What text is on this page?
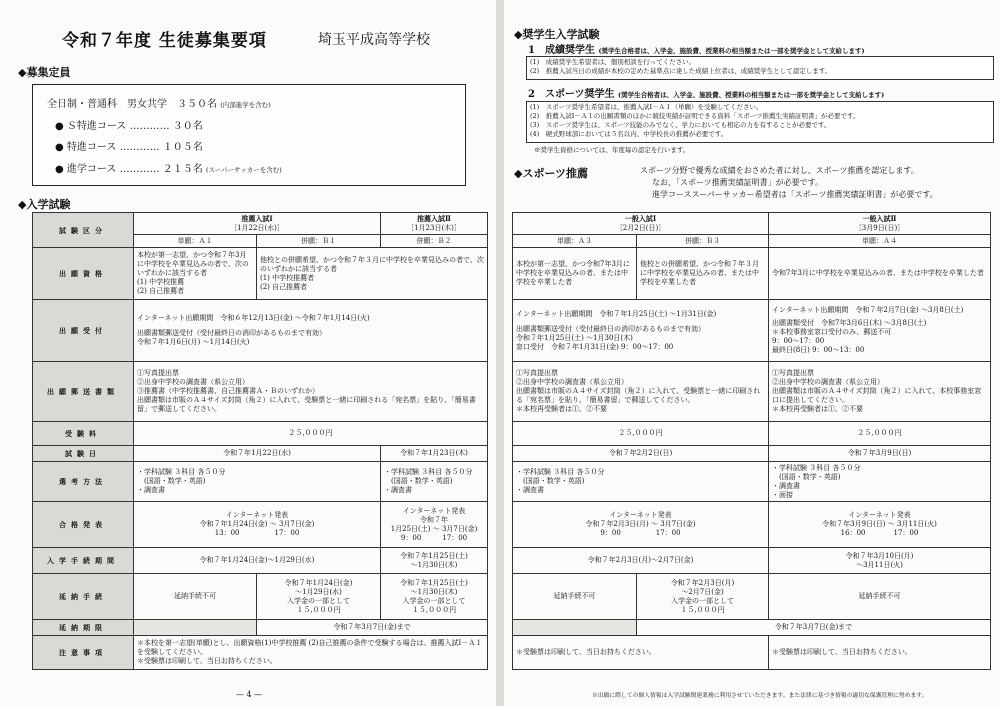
令和７年度 生徒募集要項	埼玉平成高等学校
◆募集定員
全日制・普通科　男女共学　３５０名 (内部進学を含む)
● Ｓ特進コース ………… ３０名
● 特進コース ………… １０５名
● 進学コース ………… ２１５名 (スーパーサッカーを含む)
◆入学試験
試験区分	推薦入試Ⅰ
［1月22日(水)］		推薦入試Ⅱ
［1月23日(木)］
	単願：Ａ１	併願：Ｂ１	併願：Ｂ２
出願資格	本校が第一志望、かつ令和７年3月に中学校を卒業見込みの者で、次のいずれかに該当する者
(1) 中学校推薦
(2) 自己推薦者	他校との併願希望、かつ令和７年３月に中学校を卒業見込みの者で、次のいずれかに該当する者
(1) 中学校推薦者
(2) 自己推薦者	

出願受付	インターネット出願期間　令和６年12月13日(金) ～令和７年1月14日(火)
出願書類郵送受付（受付最終日の消印があるものまで有効）
令和７年1月6日(月) ～1月14日(火)		

出願郵送書類	①写真提出票
②出身中学校の調査書（県公立用）
③推薦書（中学校推薦書、自己推薦書Ａ・Ｂのいずれか）
出願書類は市販のＡ４サイズ封筒（角２）に入れて、受験票と一緒に印刷される「宛名票」を貼り、「簡易書留」で郵送してください。		

受験料	２５,０００円		
試験日	令和７年1月22日(水)		令和７年1月23日(木)
選考方法	・学科試験 ３科目 各５０分
　(国語・数学・英語)
・調査書		・学科試験 ３科目 各５０分
　(国語・数学・英語)
・調査書

合格発表	インターネット発表
令和７年1月24日(金) ～ 3月7日(金)
13：00　　　　　17：00		インターネット発表
令和７年
1月25日(土) ～ 3月7日(金)
9：00　　　17：00

入学手続期間	令和７年1月24日(金)～1月29日(水)		令和７年1月25日(土)
～1月30日(木)

延納手続	延納手続不可	令和７年1月24日(金)
～1月29日(水)
入学金の一部として
１５,０００円	令和７年1月25日(土)
～1月30日(木)
入学金の一部として
１５,０００円

延納期限		令和７年3月7日(金)まで	
注意事項	＊本校を第一志望(単願)とし、出願資格(1)中学校推薦 (2)自己推薦の条件で受験する場合は、推薦入試Ⅰ－Ａ１を受験してください。
＊受験票は印刷して、当日お持ちください。		
— 4 —
◆奨学生入学試験
1　成績奨学生 (奨学生合格者は、入学金、施設費、授業料の相当額または一部を奨学金として支給します)
(1)　成績奨学生希望者は、個別相談を行ってください。
(2)　推薦入試当日の成績が本校の定めた基準点に達した成績上位者は、成績奨学生として認定します。
2　スポーツ奨学生 (奨学生合格者は、入学金、施設費、授業料の相当額または一部を奨学金として支給します)
(1)　スポーツ奨学生希望者は、推薦入試Ⅰ－Ａ１（単願）を受験してください。
(2)　推薦入試Ⅰ－Ａ１の出願書類のほかに競技実績が証明できる資料「スポーツ推薦生実績証明書」が必要です。
(3)　スポーツ奨学生は、スポーツ技能のみでなく、学力においても相応の力を有することが必要です。
(4)　硬式野球部においては５名以内、中学校長の推薦が必要です。
※奨学生資格については、年度毎の認定を行います。
◆スポーツ推薦	スポーツ分野で優秀な成績をおさめた者に対し、スポーツ推薦を認定します。
なお、「スポーツ推薦実績証明書」が必要です。
進学コーススーパーサッカー希望者は「スポーツ推薦実績証明書」が必要です。
一般入試Ⅰ
［2月2日(日)］		一般入試Ⅱ
［3月9日(日)］
単願：Ａ３	併願：Ｂ３	単願：Ａ４

本校が第一志望、かつ令和7年3月に中学校を卒業見込みの者、または中学校を卒業した者	他校との併願希望、かつ令和７年３月に中学校を卒業見込みの者、または中学校を卒業した者	令和7年3月に中学校を卒業見込みの者、または中学校を卒業した者

インターネット出願期間　令和７年1月25日(土) ～1月31日(金)
出願書類郵送受付（受付最終日の消印があるものまで有効）
令和７年1月25日(土) ～1月30日(木)
窓口受付　令和７年1月31日(金) 9：00～17：00		インターネット出願期間　令和７年2月7日(金) ～3月8日(土)
出願書類受付　令和7年3月6日(木) ～3月8日(土)
＊本校事務室窓口受付のみ、郵送不可
9：00～17：00
最終日(8日) 9：00～13：00

①写真提出票
②出身中学校の調査書（県公立用）
出願書類は市販のＡ４サイズ封筒（角２）に入れて、受験票と一緒に印刷される「宛名票」を貼り、「簡易書留」で郵送してください。
＊本校再受験者は①、②不要		①写真提出票
②出身中学校の調査書（県公立用）
出願書類は市販のＡ４サイズ封筒（角２）に入れて、本校事務室窓口に提出してください。
＊本校再受験者は①、②不要

２５,０００円		２５,０００円
令和７年2月2日(日)		令和７年3月9日(日)

・学科試験 ３科目 各５０分
　(国語・数学・英語)
・調査書		・学科試験 ３科目 各５０分
　(国語・数学・英語)
・調査書
・面接

インターネット発表
令和７年2月3日(月) ～ 3月7日(金)
9：00　　　　　17：00		インターネット発表
令和７年3月9日(日) ～ 3月11日(火)
16：00　　　　17：00

令和７年2月3日(月)～2月7日(金)		令和７年3月10日(月)
～3月11日(火)

延納手続不可	令和７年2月3日(月)
～2月7日(金)
入学金の一部として
１５,０００円	延納手続不可
	令和７年3月7日(金)まで	

＊受験票は印刷して、当日お持ちください。		＊受験票は印刷して、当日お持ちください。
※出願に際しての個人情報は入学試験関連業務に利用させていただきます。また法律に基づき情報の適切な保護管理に努めます。
